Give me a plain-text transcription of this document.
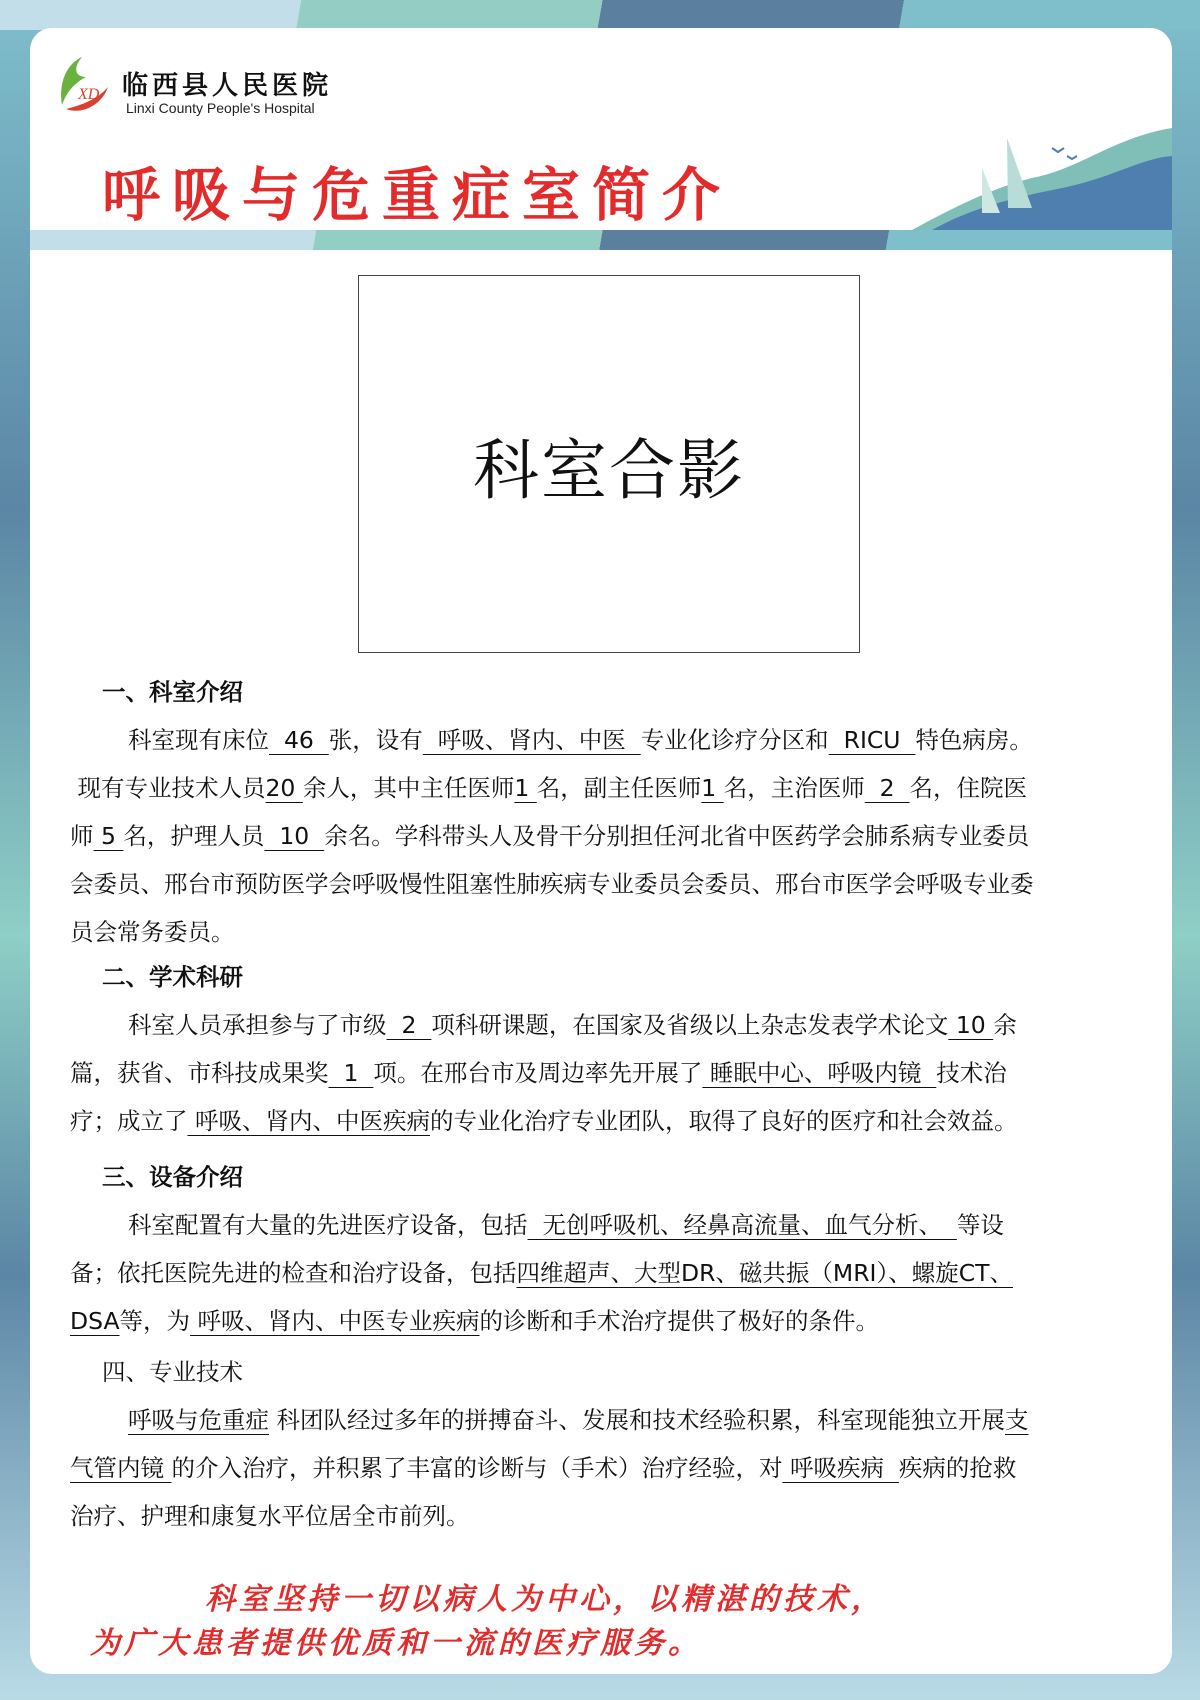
XD 临西县人民医院
Linxi County People's Hospital
呼吸与危重症室简介
科室合影
一、科室介绍
科室现有床位  46  张，设有  呼吸、肾内、中医  专业化诊疗分区和  RICU  特色病房。
现有专业技术人员20 余人，其中主任医师1 名，副主任医师1 名，主治医师  2  名，住院医
师 5 名，护理人员  10  余名。学科带头人及骨干分别担任河北省中医药学会肺系病专业委员
会委员、邢台市预防医学会呼吸慢性阻塞性肺疾病专业委员会委员、邢台市医学会呼吸专业委
员会常务委员。
二、学术科研
科室人员承担参与了市级  2  项科研课题，在国家及省级以上杂志发表学术论文 10 余
篇，获省、市科技成果奖  1  项。在邢台市及周边率先开展了 睡眠中心、呼吸内镜  技术治
疗；成立了 呼吸、肾内、中医疾病的专业化治疗专业团队，取得了良好的医疗和社会效益。
三、设备介绍
科室配置有大量的先进医疗设备，包括  无创呼吸机、经鼻高流量、血气分析、  等设
备；依托医院先进的检查和治疗设备，包括四维超声、大型DR、磁共振（MRI）、螺旋CT、
DSA等，为 呼吸、肾内、中医专业疾病的诊断和手术治疗提供了极好的条件。
四、专业技术
呼吸与危重症 科团队经过多年的拼搏奋斗、发展和技术经验积累，科室现能独立开展支
气管内镜 的介入治疗，并积累了丰富的诊断与（手术）治疗经验，对 呼吸疾病  疾病的抢救
治疗、护理和康复水平位居全市前列。
科室坚持一切以病人为中心，以精湛的技术，
为广大患者提供优质和一流的医疗服务。
